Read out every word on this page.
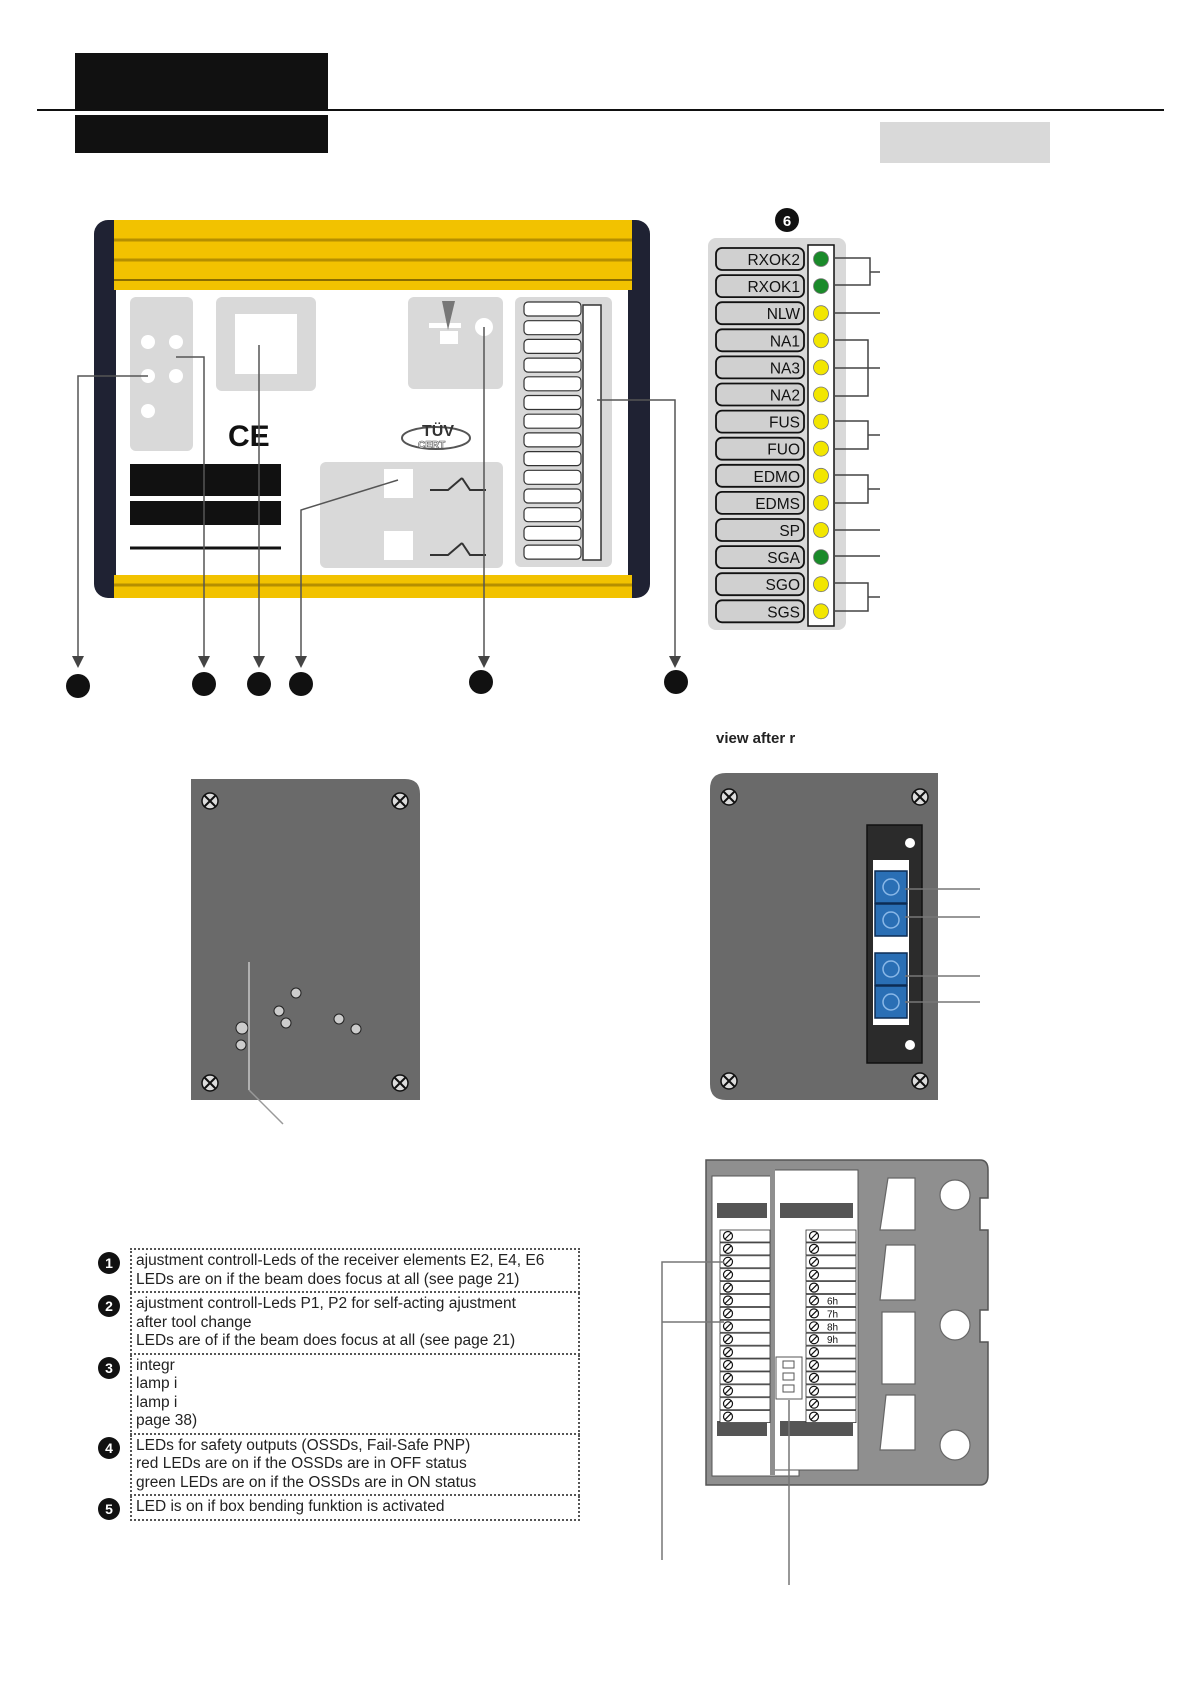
CE	TÜV
CERT
6
RXOK2
RXOK1
NLW
NA1
NA3
NA2
FUS
FUO
EDMO
EDMS
SP
SGA
SGO
SGS
6h
7h
8h
9h
view after r
1	ajustment controll-Leds of the receiver elements E2, E4, E6
LEDs are on if the beam does focus at all (see page 21)
2	ajustment controll-Leds P1, P2 for self-acting ajustment
after tool change
LEDs are of if the beam does focus at all (see page 21)
3	integr
lamp i
lamp i
page 38)
4	LEDs for safety outputs (OSSDs, Fail-Safe PNP)
red LEDs are on if the OSSDs are in OFF status
green LEDs are on if the OSSDs are in ON status
5	LED is on if box bending funktion is activated
